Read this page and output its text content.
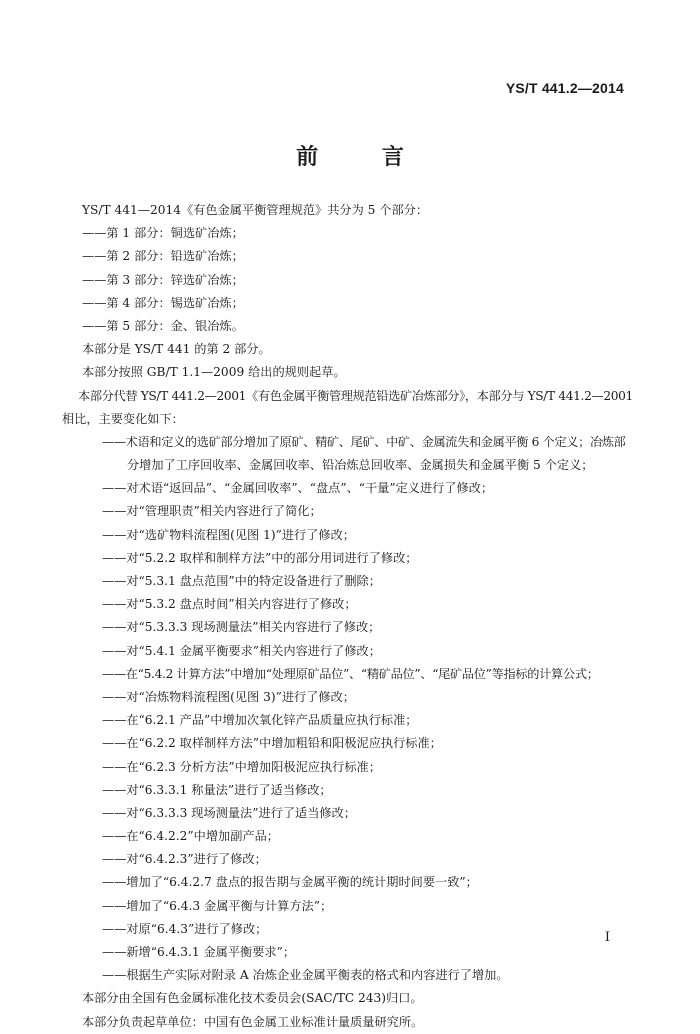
YS/T 441.2—2014
前 言
YS/T 441—2014《有色金属平衡管理规范》共分为 5 个部分：
——第 1 部分：铜选矿冶炼；
——第 2 部分：铅选矿冶炼；
——第 3 部分：锌选矿冶炼；
——第 4 部分：锡选矿冶炼；
——第 5 部分：金、银冶炼。
本部分是 YS/T 441 的第 2 部分。
本部分按照 GB/T 1.1—2009 给出的规则起草。
本部分代替 YS/T 441.2—2001《有色金属平衡管理规范铅选矿冶炼部分》，本部分与 YS/T 441.2—2001
相比，主要变化如下：
——术语和定义的选矿部分增加了原矿、精矿、尾矿、中矿、金属流失和金属平衡 6 个定义；冶炼部
分增加了工序回收率、金属回收率、铅冶炼总回收率、金属损失和金属平衡 5 个定义；
——对术语“返回品”、“金属回收率”、“盘点”、“干量”定义进行了修改；
——对“管理职责”相关内容进行了简化；
——对“选矿物料流程图(见图 1)”进行了修改；
——对“5.2.2 取样和制样方法”中的部分用词进行了修改；
——对“5.3.1 盘点范围”中的特定设备进行了删除；
——对“5.3.2 盘点时间”相关内容进行了修改；
——对“5.3.3.3 现场测量法”相关内容进行了修改；
——对“5.4.1 金属平衡要求”相关内容进行了修改；
——在“5.4.2 计算方法”中增加“处理原矿品位”、“精矿品位”、“尾矿品位”等指标的计算公式；
——对“冶炼物料流程图(见图 3)”进行了修改；
——在“6.2.1 产品”中增加次氧化锌产品质量应执行标准；
——在“6.2.2 取样制样方法”中增加粗铅和阳极泥应执行标准；
——在“6.2.3 分析方法”中增加阳极泥应执行标准；
——对“6.3.3.1 称量法”进行了适当修改；
——对“6.3.3.3 现场测量法”进行了适当修改；
——在“6.4.2.2”中增加副产品；
——对“6.4.2.3”进行了修改；
——增加了“6.4.2.7 盘点的报告期与金属平衡的统计期时间要一致”；
——增加了“6.4.3 金属平衡与计算方法”；
——对原“6.4.3”进行了修改；
——新增“6.4.3.1 金属平衡要求”；
——根据生产实际对附录 A 冶炼企业金属平衡表的格式和内容进行了增加。
本部分由全国有色金属标准化技术委员会(SAC/TC 243)归口。
本部分负责起草单位：中国有色金属工业标准计量质量研究所。
I
